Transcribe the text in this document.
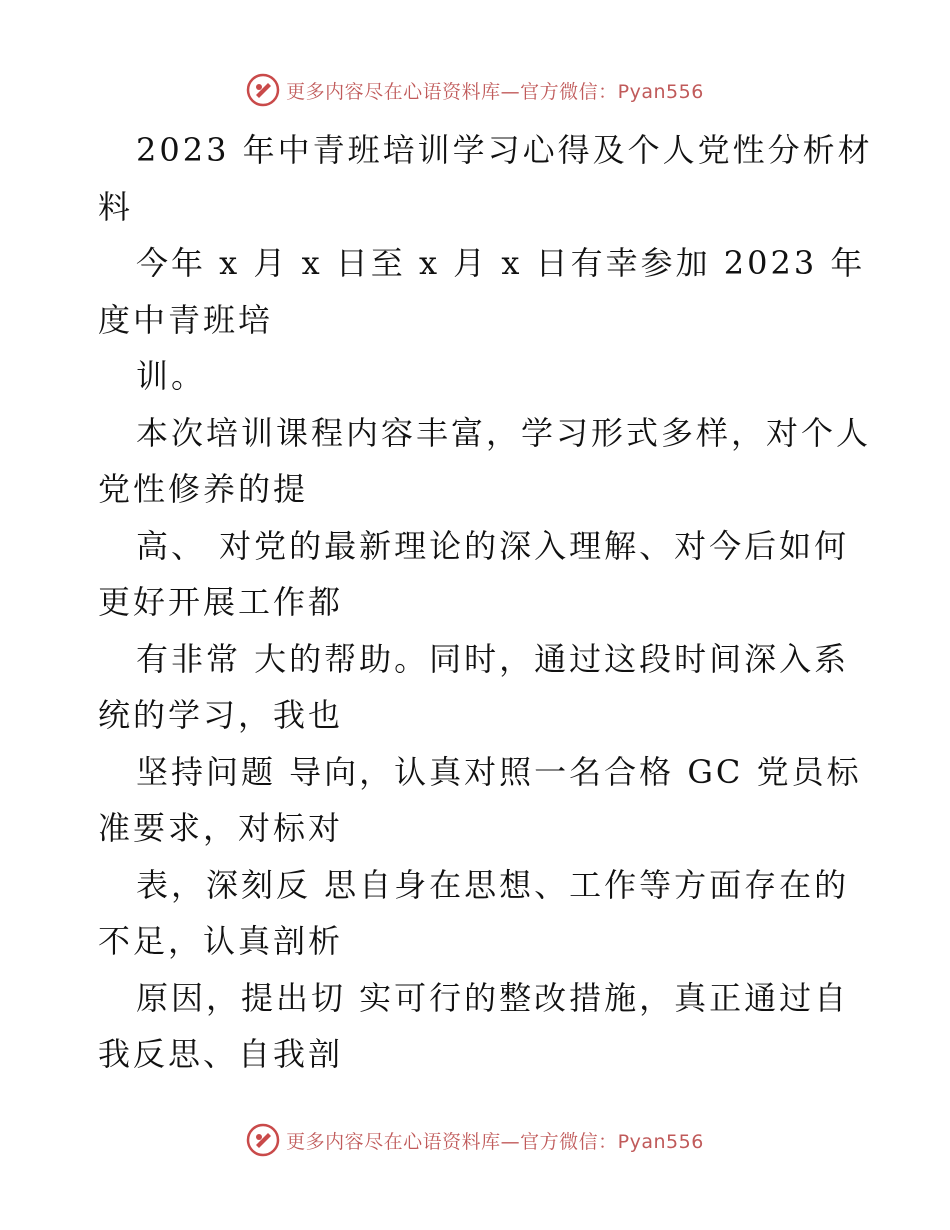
更多内容尽在心语资料库—官方微信：Pyan556
2023 年中青班培训学习心得及个人党性分析材
料
今年 x 月 x 日至 x 月 x 日有幸参加 2023 年
度中青班培
训。
本次培训课程内容丰富，学习形式多样，对个人
党性修养的提
高、 对党的最新理论的深入理解、对今后如何
更好开展工作都
有非常 大的帮助。同时，通过这段时间深入系
统的学习，我也
坚持问题 导向，认真对照一名合格 GC 党员标
准要求，对标对
表，深刻反 思自身在思想、工作等方面存在的
不足，认真剖析
原因，提出切 实可行的整改措施，真正通过自
我反思、自我剖
更多内容尽在心语资料库—官方微信：Pyan556
